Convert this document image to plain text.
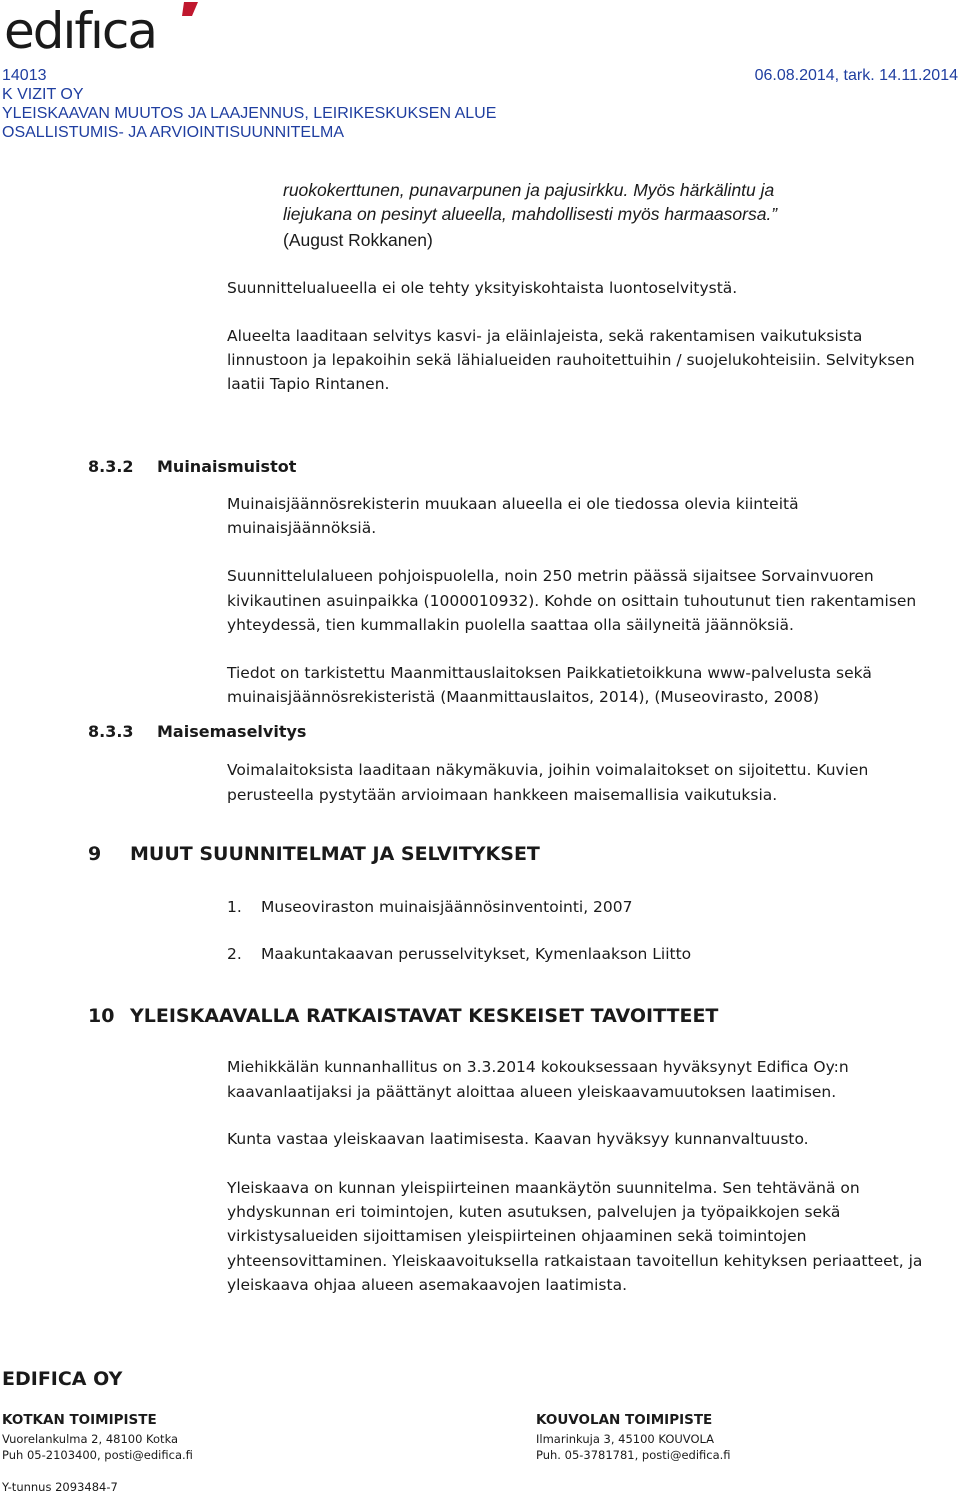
edıfıca
14013	06.08.2014, tark. 14.11.2014
K VIZIT OY
YLEISKAAVAN MUUTOS JA LAAJENNUS, LEIRIKESKUKSEN ALUE
OSALLISTUMIS- JA ARVIOINTISUUNNITELMA
ruokokerttunen, punavarpunen ja pajusirkku. Myös härkälintu ja
liejukana on pesinyt alueella, mahdollisesti myös harmaasorsa.”
(August Rokkanen)
Suunnittelualueella ei ole tehty yksityiskohtaista luontoselvitystä.
Alueelta laaditaan selvitys kasvi- ja eläinlajeista, sekä rakentamisen vaikutuksista
linnustoon ja lepakoihin sekä lähialueiden rauhoitettuihin / suojelukohteisiin. Selvityksen
laatii Tapio Rintanen.
8.3.2 Muinaismuistot
Muinaisjäännösrekisterin muukaan alueella ei ole tiedossa olevia kiinteitä
muinaisjäännöksiä.
Suunnittelulalueen pohjoispuolella, noin 250 metrin päässä sijaitsee Sorvainvuoren
kivikautinen asuinpaikka (1000010932). Kohde on osittain tuhoutunut tien rakentamisen
yhteydessä, tien kummallakin puolella saattaa olla säilyneitä jäännöksiä.
Tiedot on tarkistettu Maanmittauslaitoksen Paikkatietoikkuna www-palvelusta sekä
muinaisjäännösrekisteristä (Maanmittauslaitos, 2014), (Museovirasto, 2008)
8.3.3 Maisemaselvitys
Voimalaitoksista laaditaan näkymäkuvia, joihin voimalaitokset on sijoitettu. Kuvien
perusteella pystytään arvioimaan hankkeen maisemallisia vaikutuksia.
9 MUUT SUUNNITELMAT JA SELVITYKSET
1. Museoviraston muinaisjäännösinventointi, 2007
2. Maakuntakaavan perusselvitykset, Kymenlaakson Liitto
10 YLEISKAAVALLA RATKAISTAVAT KESKEISET TAVOITTEET
Miehikkälän kunnanhallitus on 3.3.2014 kokouksessaan hyväksynyt Edifica Oy:n
kaavanlaatijaksi ja päättänyt aloittaa alueen yleiskaavamuutoksen laatimisen.
Kunta vastaa yleiskaavan laatimisesta. Kaavan hyväksyy kunnanvaltuusto.
Yleiskaava on kunnan yleispiirteinen maankäytön suunnitelma. Sen tehtävänä on
yhdyskunnan eri toimintojen, kuten asutuksen, palvelujen ja työpaikkojen sekä
virkistysalueiden sijoittamisen yleispiirteinen ohjaaminen sekä toimintojen
yhteensovittaminen. Yleiskaavoituksella ratkaistaan tavoitellun kehityksen periaatteet, ja
yleiskaava ohjaa alueen asemakaavojen laatimista.
EDIFICA OY
KOTKAN TOIMIPISTE
Vuorelankulma 2, 48100 Kotka
Puh 05-2103400, posti@edifica.fi
KOUVOLAN TOIMIPISTE
Ilmarinkuja 3, 45100 KOUVOLA
Puh. 05-3781781, posti@edifica.fi
Y-tunnus 2093484-7
